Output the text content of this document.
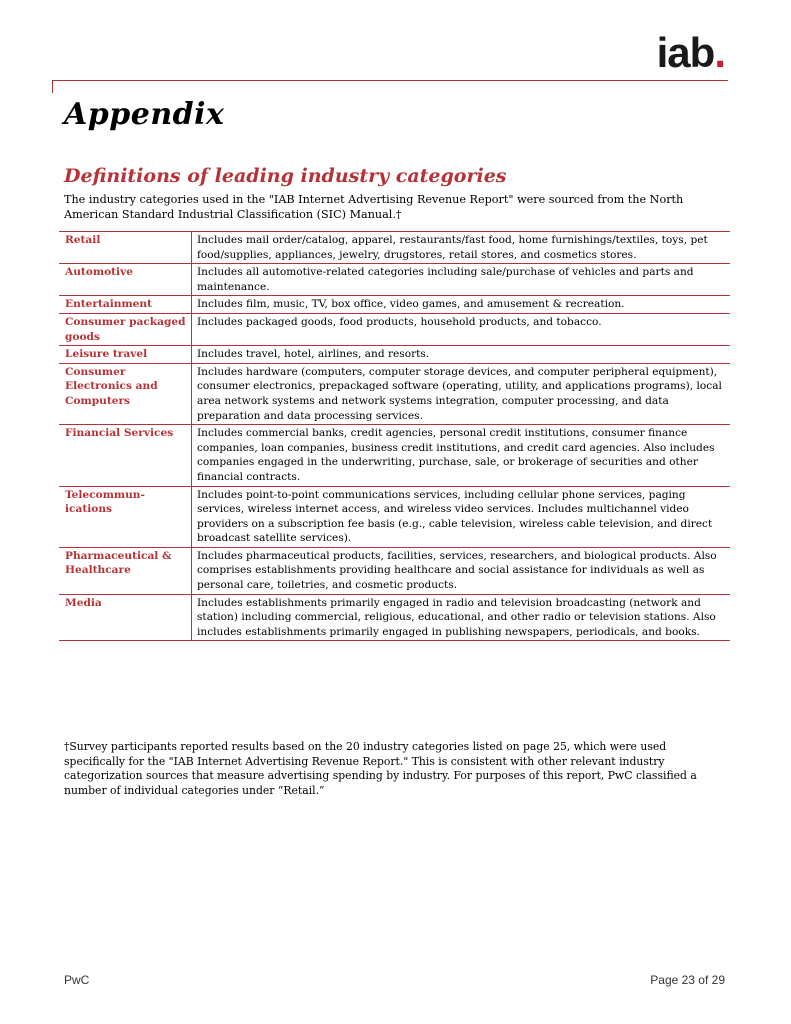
iab.
Appendix
Definitions of leading industry categories

The industry categories used in the "IAB Internet Advertising Revenue Report" were sourced from the North American Standard Industrial Classification (SIC) Manual.†

Retail	Includes mail order/catalog, apparel, restaurants/fast food, home furnishings/textiles, toys, pet food/supplies, appliances, jewelry, drugstores, retail stores, and cosmetics stores.
Automotive	Includes all automotive-related categories including sale/purchase of vehicles and parts and maintenance.
Entertainment	Includes film, music, TV, box office, video games, and amusement & recreation.
Consumer packaged goods	Includes packaged goods, food products, household products, and tobacco.
Leisure travel	Includes travel, hotel, airlines, and resorts.
Consumer Electronics and Computers	Includes hardware (computers, computer storage devices, and computer peripheral equipment), consumer electronics, prepackaged software (operating, utility, and applications programs), local area network systems and network systems integration, computer processing, and data preparation and data processing services.
Financial Services	Includes commercial banks, credit agencies, personal credit institutions, consumer finance companies, loan companies, business credit institutions, and credit card agencies. Also includes companies engaged in the underwriting, purchase, sale, or brokerage of securities and other financial contracts.
Telecommun-ications	Includes point-to-point communications services, including cellular phone services, paging services, wireless internet access, and wireless video services. Includes multichannel video providers on a subscription fee basis (e.g., cable television, wireless cable television, and direct broadcast satellite services).
Pharmaceutical & Healthcare	Includes pharmaceutical products, facilities, services, researchers, and biological products. Also comprises establishments providing healthcare and social assistance for individuals as well as personal care, toiletries, and cosmetic products.
Media	Includes establishments primarily engaged in radio and television broadcasting (network and station) including commercial, religious, educational, and other radio or television stations. Also includes establishments primarily engaged in publishing newspapers, periodicals, and books.

†Survey participants reported results based on the 20 industry categories listed on page 25, which were used specifically for the "IAB Internet Advertising Revenue Report." This is consistent with other relevant industry categorization sources that measure advertising spending by industry. For purposes of this report, PwC classified a number of individual categories under “Retail.”

PwC	Page 23 of 29
